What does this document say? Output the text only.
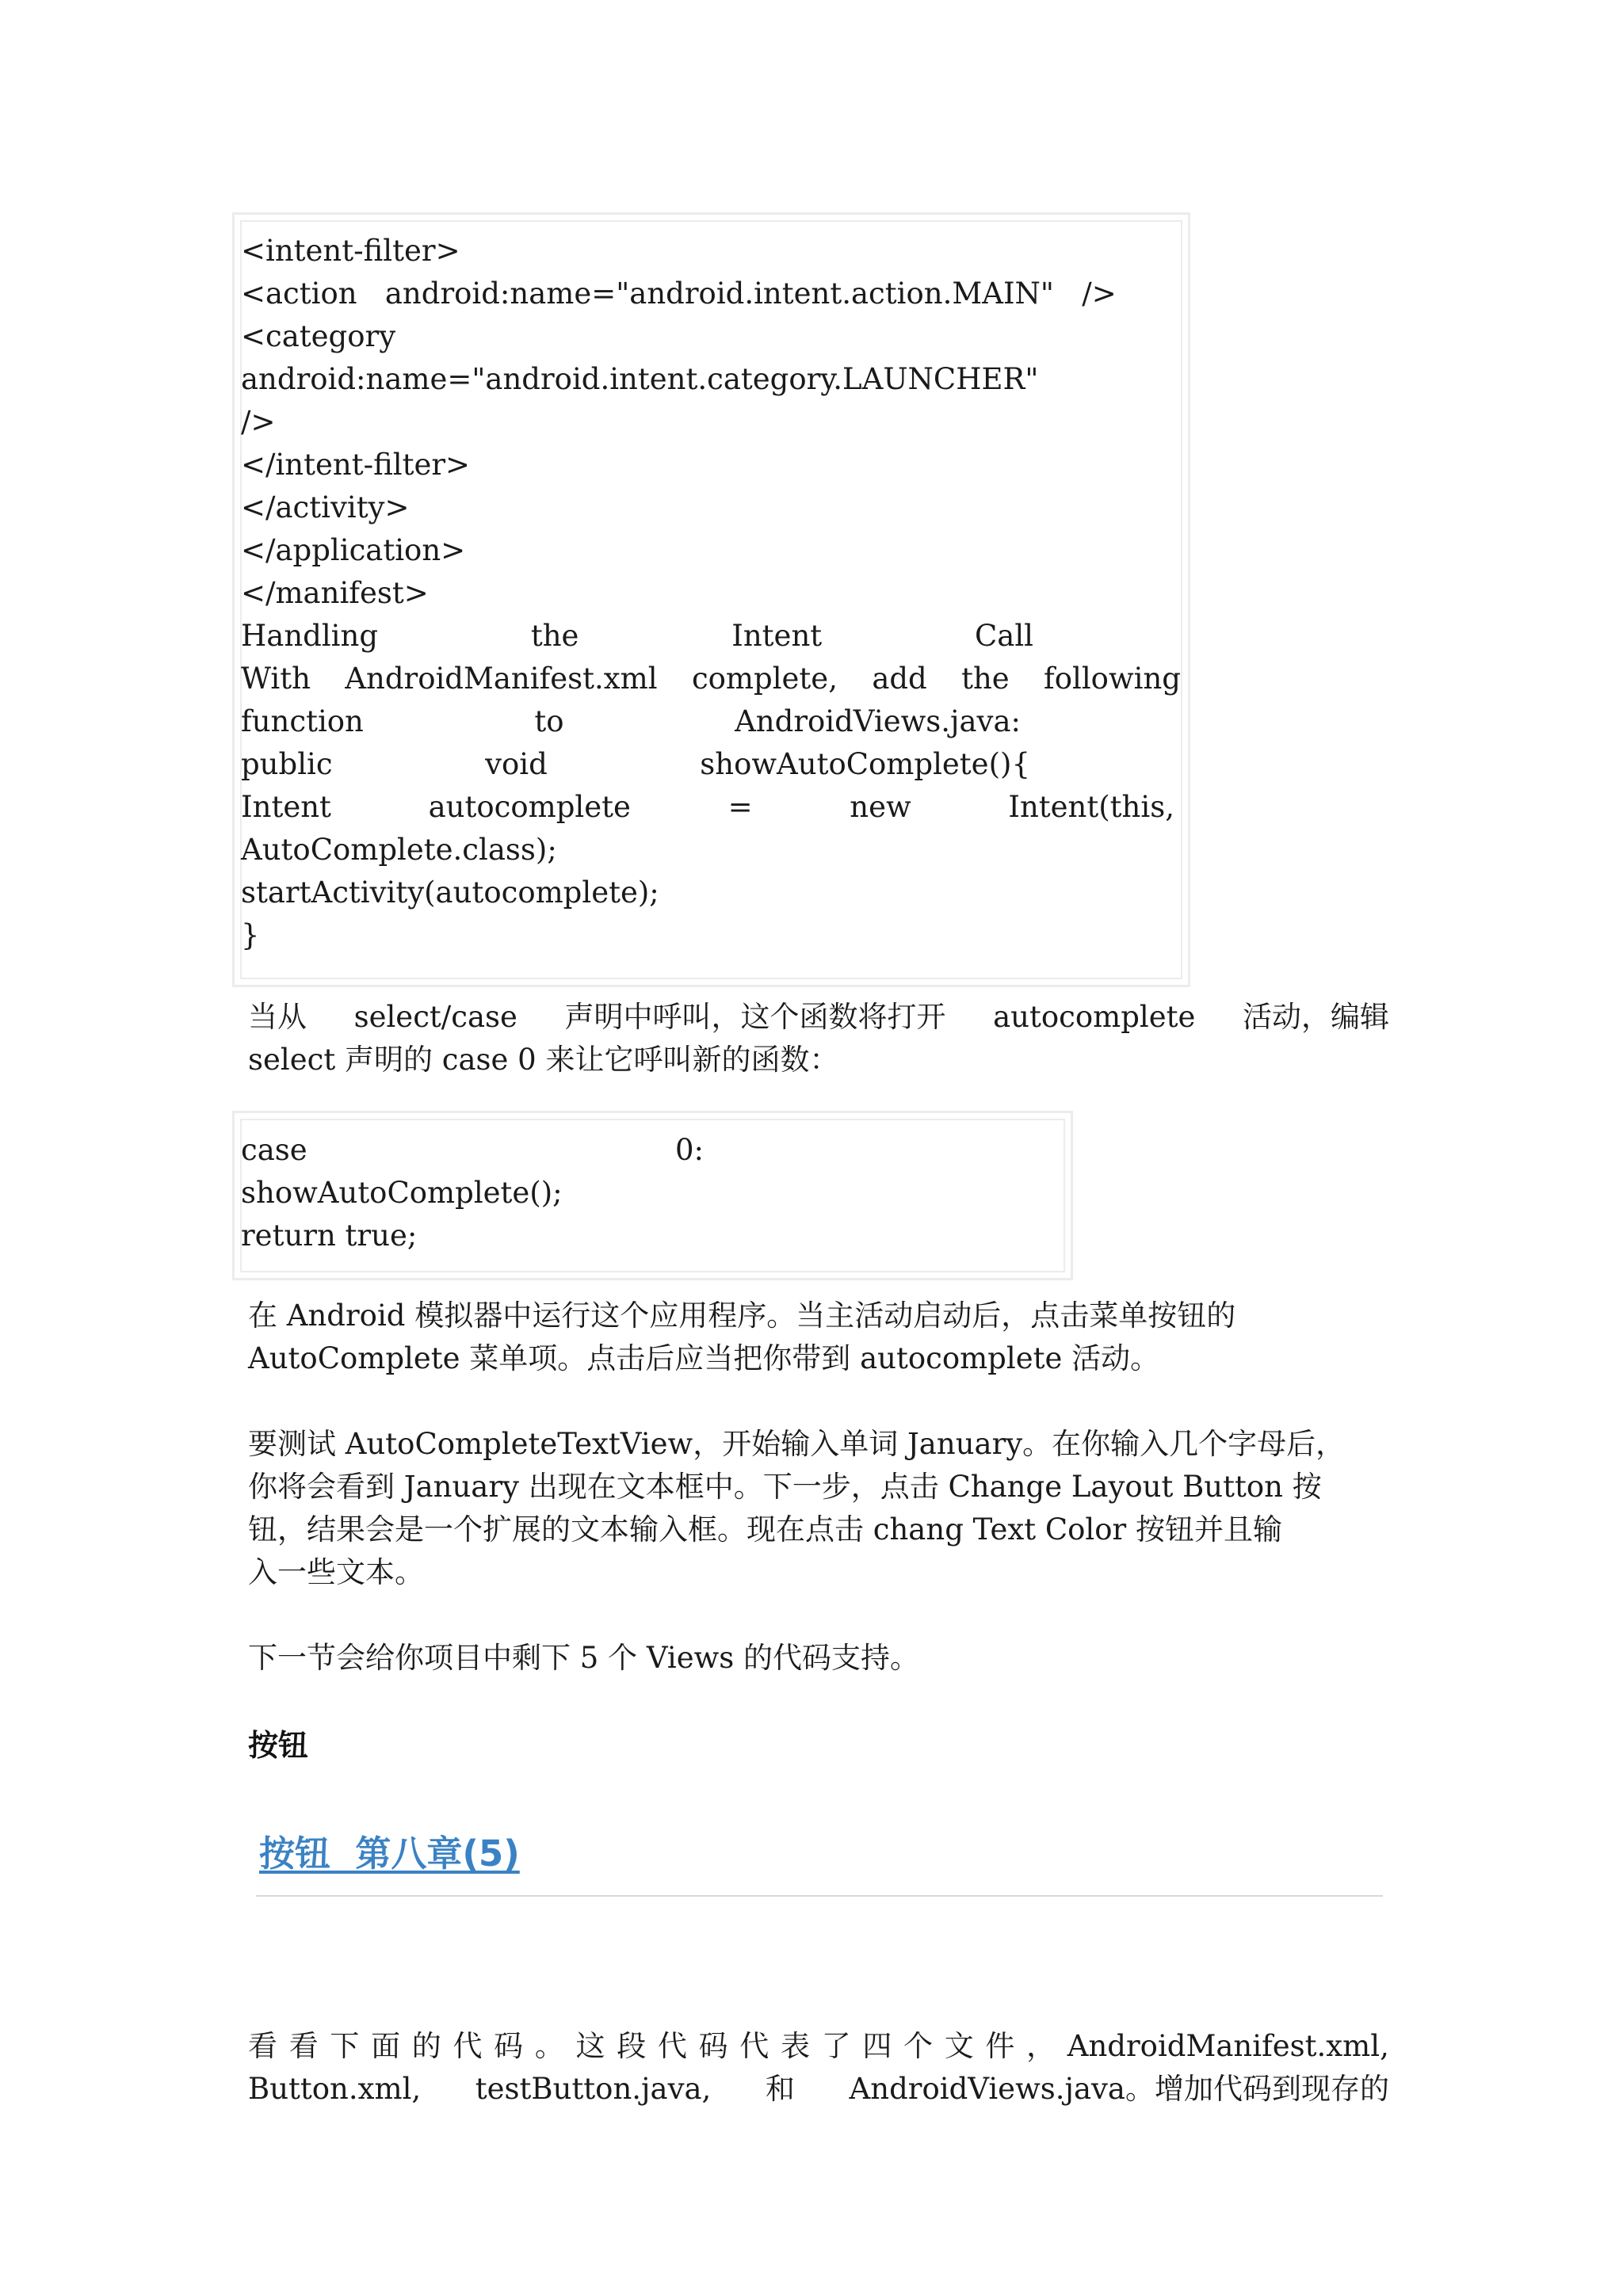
<intent-filter>
<action   android:name="android.intent.action.MAIN"   />
<category
android:name="android.intent.category.LAUNCHER"
/>
</intent-filter>
</activity>
</application>
</manifest>
Handling	the	Intent	Call
With AndroidManifest.xml complete, add the following
function	to	AndroidViews.java:
public	void	showAutoComplete(){
Intent	autocomplete	=	new	Intent(this,
AutoComplete.class);
startActivity(autocomplete);
}
当从 select/case 声明中呼叫，这个函数将打开 autocomplete 活动，编辑
select 声明的 case 0 来让它呼叫新的函数：
case	0:
showAutoComplete();
return true;
在 Android 模拟器中运行这个应用程序。当主活动启动后，点击菜单按钮的
AutoComplete 菜单项。点击后应当把你带到 autocomplete 活动。
要测试 AutoCompleteTextView，开始输入单词 January。在你输入几个字母后，
你将会看到 January 出现在文本框中。下一步，点击 Change Layout Button 按
钮，结果会是一个扩展的文本输入框。现在点击 chang Text Color 按钮并且输
入一些文本。
下一节会给你项目中剩下 5 个 Views 的代码支持。
按钮
按钮  第八章(5)
看 看 下 面 的 代 码 。 这 段 代 码 代 表 了 四 个 文 件 ， AndroidManifest.xml,
Button.xml, testButton.java, 和 AndroidViews.java。增加代码到现存的
